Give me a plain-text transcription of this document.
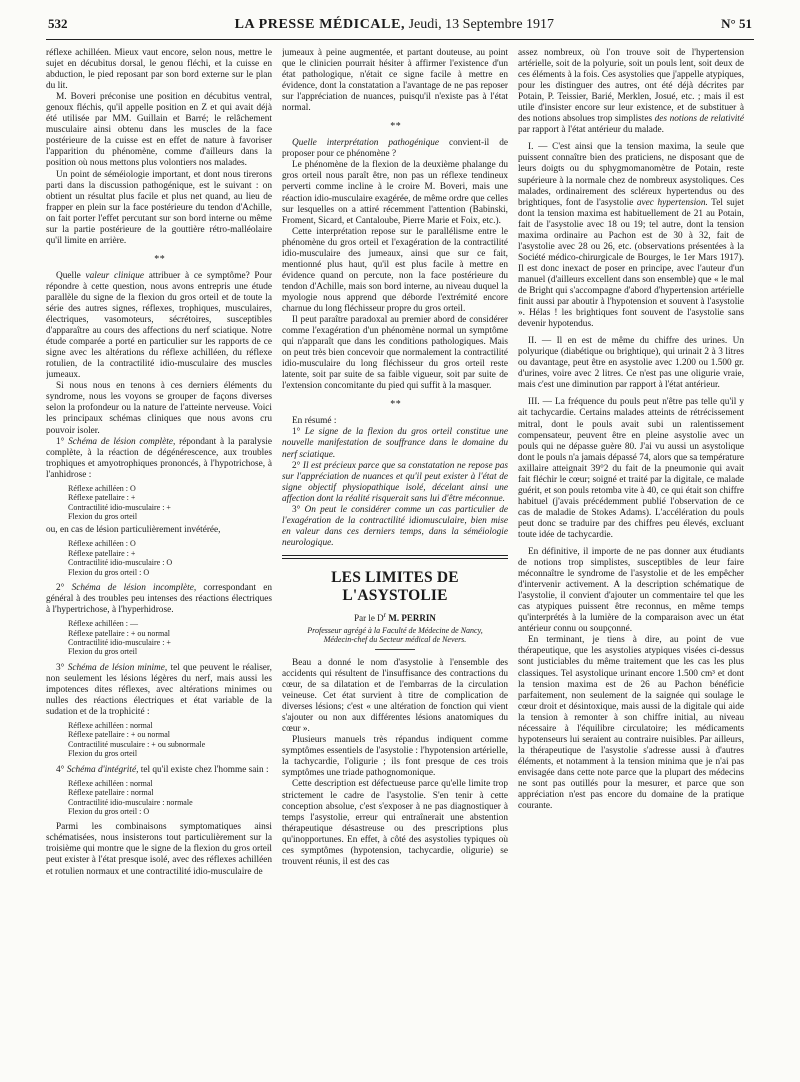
532	LA PRESSE MÉDICALE, Jeudi, 13 Septembre 1917	N° 51

réflexe achilléen. Mieux vaut encore, selon nous, mettre le sujet en décubitus dorsal, le genou fléchi, et la cuisse en abduction, le pied reposant par son bord externe sur le plan du lit.

M. Boveri préconise une position en décubitus ventral, genoux fléchis, qu'il appelle position en Z et qui avait déjà été utilisée par MM. Guillain et Barré; le relâchement musculaire ainsi obtenu dans les muscles de la face postérieure de la cuisse est en effet de nature à favoriser l'apparition du phénomène, comme d'ailleurs dans la position où nous mettons plus volontiers nos malades.

Un point de séméiologie important, et dont nous tirerons parti dans la discussion pathogénique, est le suivant : on obtient un résultat plus facile et plus net quand, au lieu de frapper en plein sur la face postérieure du tendon d'Achille, on fait porter l'effet percutant sur son bord interne ou même sur la partie postérieure de la gouttière rétro-malléolaire qu'il limite en arrière.

* *

Quelle valeur clinique attribuer à ce symptôme? Pour répondre à cette question, nous avons entrepris une étude parallèle du signe de la flexion du gros orteil et de toute la série des autres signes, réflexes, trophiques, musculaires, électriques, vasomoteurs, sécrétoires, susceptibles d'apparaître au cours des affections du nerf sciatique. Notre étude comparée a porté en particulier sur les rapports de ce signe avec les altérations du réflexe achilléen, du réflexe rotulien, de la contractilité idio-musculaire des muscles jumeaux.

Si nous nous en tenons à ces derniers éléments du syndrome, nous les voyons se grouper de façons diverses selon la profondeur ou la nature de l'atteinte nerveuse. Voici les principaux schémas cliniques que nous avons cru pouvoir isoler.

1° Schéma de lésion complète, répondant à la paralysie complète, à la réaction de dégénérescence, aux troubles trophiques et amyotrophiques prononcés, à l'hypotrichose, à l'anhidrose :

Réflexe achilléen : O
Réflexe patellaire : +
Contractilité idio-musculaire : +
Flexion du gros orteil

ou, en cas de lésion particulièrement invétérée,

Réflexe achilléen : O
Réflexe patellaire : +
Contractilité idio-musculaire : O
Flexion du gros orteil : O

2° Schéma de lésion incomplète, correspondant en général à des troubles peu intenses des réactions électriques à l'hypertrichose, à l'hyperhidrose.

Réflexe achilléen : —
Réflexe patellaire : + ou normal
Contractilité idio-musculaire : +
Flexion du gros orteil

3° Schéma de lésion minime, tel que peuvent le réaliser, non seulement les lésions légères du nerf, mais aussi les impotences dites réflexes, avec altérations minimes ou nulles des réactions électriques et état variable de la sudation et de la trophicité :

Réflexe achilléen : normal
Réflexe patellaire : + ou normal
Contractilité musculaire : + ou subnormale
Flexion du gros orteil

4° Schéma d'intégrité, tel qu'il existe chez l'homme sain :

Réflexe achilléen : normal
Réflexe patellaire : normal
Contractilité idio-musculaire : normale
Flexion du gros orteil : O

Parmi les combinaisons symptomatiques ainsi schématisées, nous insisterons tout particulièrement sur la troisième qui montre que le signe de la flexion du gros orteil peut exister à l'état presque isolé, avec des réflexes achilléen et rotulien normaux et une contractilité idio-musculaire de

jumeaux à peine augmentée, et partant douteuse, au point que le clinicien pourrait hésiter à affirmer l'existence d'un état pathologique, n'était ce signe facile à mettre en évidence, dont la constatation a l'avantage de ne pas reposer sur l'appréciation de nuances, puisqu'il n'existe pas à l'état normal.

* *

Quelle interprétation pathogénique convient-il de proposer pour ce phénomène ?

Le phénomène de la flexion de la deuxième phalange du gros orteil nous paraît être, non pas un réflexe tendineux perverti comme incline à le croire M. Boveri, mais une réaction idio-musculaire exagérée, de même ordre que celles sur lesquelles on a attiré récemment l'attention (Babinski, Froment, Sicard, et Cantaloube, Pierre Marie et Foix, etc.).

Cette interprétation repose sur le parallélisme entre le phénomène du gros orteil et l'exagération de la contractilité idio-musculaire des jumeaux, ainsi que sur ce fait, mentionné plus haut, qu'il est plus facile à mettre en évidence quand on percute, non la face postérieure du tendon d'Achille, mais son bord interne, au niveau duquel la myologie nous apprend que déborde l'extrémité encore charnue du long fléchisseur propre du gros orteil.

Il peut paraître paradoxal au premier abord de considérer comme l'exagération d'un phénomène normal un symptôme qui n'apparaît que dans les conditions pathologiques. Mais on peut très bien concevoir que normalement la contractilité idio-musculaire du long fléchisseur du gros orteil reste latente, soit par suite de sa faible vigueur, soit par suite de l'extension concomitante du pied qui suffit à la masquer.

* *

En résumé :

1° Le signe de la flexion du gros orteil constitue une nouvelle manifestation de souffrance dans le domaine du nerf sciatique.

2° Il est précieux parce que sa constatation ne repose pas sur l'appréciation de nuances et qu'il peut exister à l'état de signe objectif physiopathique isolé, décelant ainsi une affection dont la réalité risquerait sans lui d'être méconnue.

3° On peut le considérer comme un cas particulier de l'exagération de la contractilité idiomusculaire, bien mise en valeur dans ces derniers temps, dans la séméiologie neurologique.

LES LIMITES DE L'ASYSTOLIE
Par le $D^r$ M. PERRIN
Professeur agrégé à la Faculté de Médecine de Nancy,
Médecin-chef du Secteur médical de Nevers.

Beau a donné le nom d'asystolie à l'ensemble des accidents qui résultent de l'insuffisance des contractions du cœur, de sa dilatation et de l'embarras de la circulation veineuse. Cet état survient à titre de complication de diverses lésions; c'est « une altération de fonction qui vient s'ajouter ou non aux différentes lésions anatomiques du cœur ».

Plusieurs manuels très répandus indiquent comme symptômes essentiels de l'asystolie : l'hypotension artérielle, la tachycardie, l'oligurie ; ils font presque de ces trois symptômes une triade pathognomonique.

Cette description est défectueuse parce qu'elle limite trop strictement le cadre de l'asystolie. S'en tenir à cette conception absolue, c'est s'exposer à ne pas diagnostiquer à temps l'asystolie, erreur qui entraînerait une abstention thérapeutique désastreuse ou des prescriptions plus qu'inopportunes. En effet, à côté des asystolies typiques où ces symptômes (hypotension, tachycardie, oligurie) se trouvent réunis, il est des cas

assez nombreux, où l'on trouve soit de l'hypertension artérielle, soit de la polyurie, soit un pouls lent, soit deux de ces éléments à la fois. Ces asystolies que j'appelle atypiques, pour les distinguer des autres, ont été déjà décrites par Potain, P. Teissier, Barié, Merklen, Josué, etc. ; mais il est utile d'insister encore sur leur existence, et de substituer à des notions absolues trop simplistes des notions de relativité par rapport à l'état antérieur du malade.

I. — C'est ainsi que la tension maxima, la seule que puissent connaître bien des praticiens, ne disposant que de leurs doigts ou du sphygmomanomètre de Potain, reste supérieure à la normale chez de nombreux asystoliques. Ces malades, ordinairement des scléreux hypertendus ou des brightiques, font de l'asystolie avec hypertension. Tel sujet dont la tension maxima est habituellement de 21 au Potain, fait de l'asystolie avec 18 ou 19; tel autre, dont la tension maxima ordinaire au Pachon est de 30 à 32, fait de l'asystolie avec 28 ou 26, etc. (observations présentées à la Société médico-chirurgicale de Bourges, le 1er Mars 1917). Il est donc inexact de poser en principe, avec l'auteur d'un manuel (d'ailleurs excellent dans son ensemble) que « le mal de Bright qui s'accompagne d'abord d'hypertension artérielle finit aussi par aboutir à l'hypotension et souvent à l'asystolie ». Hélas ! les brightiques font souvent de l'asystolie sans devenir hypotendus.

II. — Il en est de même du chiffre des urines. Un polyurique (diabétique ou brightique), qui urinait 2 à 3 litres ou davantage, peut être en asystolie avec 1.200 ou 1.500 gr. d'urines, voire avec 2 litres. Ce n'est pas une oligurie vraie, mais c'est une diminution par rapport à l'état antérieur.

III. — La fréquence du pouls peut n'être pas telle qu'il y ait tachycardie. Certains malades atteints de rétrécissement mitral, dont le pouls avait subi un ralentissement compensateur, peuvent être en pleine asystolie avec un pouls qui ne dépasse guère 80. J'ai vu aussi un asystolique dont le pouls n'a jamais dépassé 74, alors que sa température axillaire atteignait 39°2 du fait de la pneumonie qui avait fait fléchir le cœur; soigné et traité par la digitale, ce malade guérit, et son pouls retomba vite à 40, ce qui était son chiffre habituel (j'avais précédemment publié l'observation de ce cas de maladie de Stokes Adams). L'accélération du pouls peut donc se traduire par des chiffres peu élevés, excluant toute idée de tachycardie.

En définitive, il importe de ne pas donner aux étudiants de notions trop simplistes, susceptibles de leur faire méconnaître le syndrome de l'asystolie et de les empêcher d'intervenir activement. A la description schématique de l'asystolie, il convient d'ajouter un commentaire tel que les cas atypiques puissent être reconnus, en même temps qu'interprétés à la lumière de la comparaison avec un état antérieur connu ou soupçonné.

En terminant, je tiens à dire, au point de vue thérapeutique, que les asystolies atypiques visées ci-dessus sont justiciables du même traitement que les cas les plus classiques. Tel asystolique urinant encore 1.500 cm³ et dont la tension maxima est de 26 au Pachon bénéficie parfaitement, non seulement de la saignée qui soulage le cœur droit et désintoxique, mais aussi de la digitale qui aide la tension à remonter à son chiffre initial, au niveau nécessaire à l'équilibre circulatoire; les médicaments hypotenseurs lui seraient au contraire nuisibles. Par ailleurs, la thérapeutique de l'asystolie s'adresse aussi à d'autres éléments, et notamment à la tension minima que je n'ai pas envisagée dans cette note parce que la plupart des médecins ne sont pas outillés pour la mesurer, et parce que son appréciation n'est pas encore du domaine de la pratique courante.
